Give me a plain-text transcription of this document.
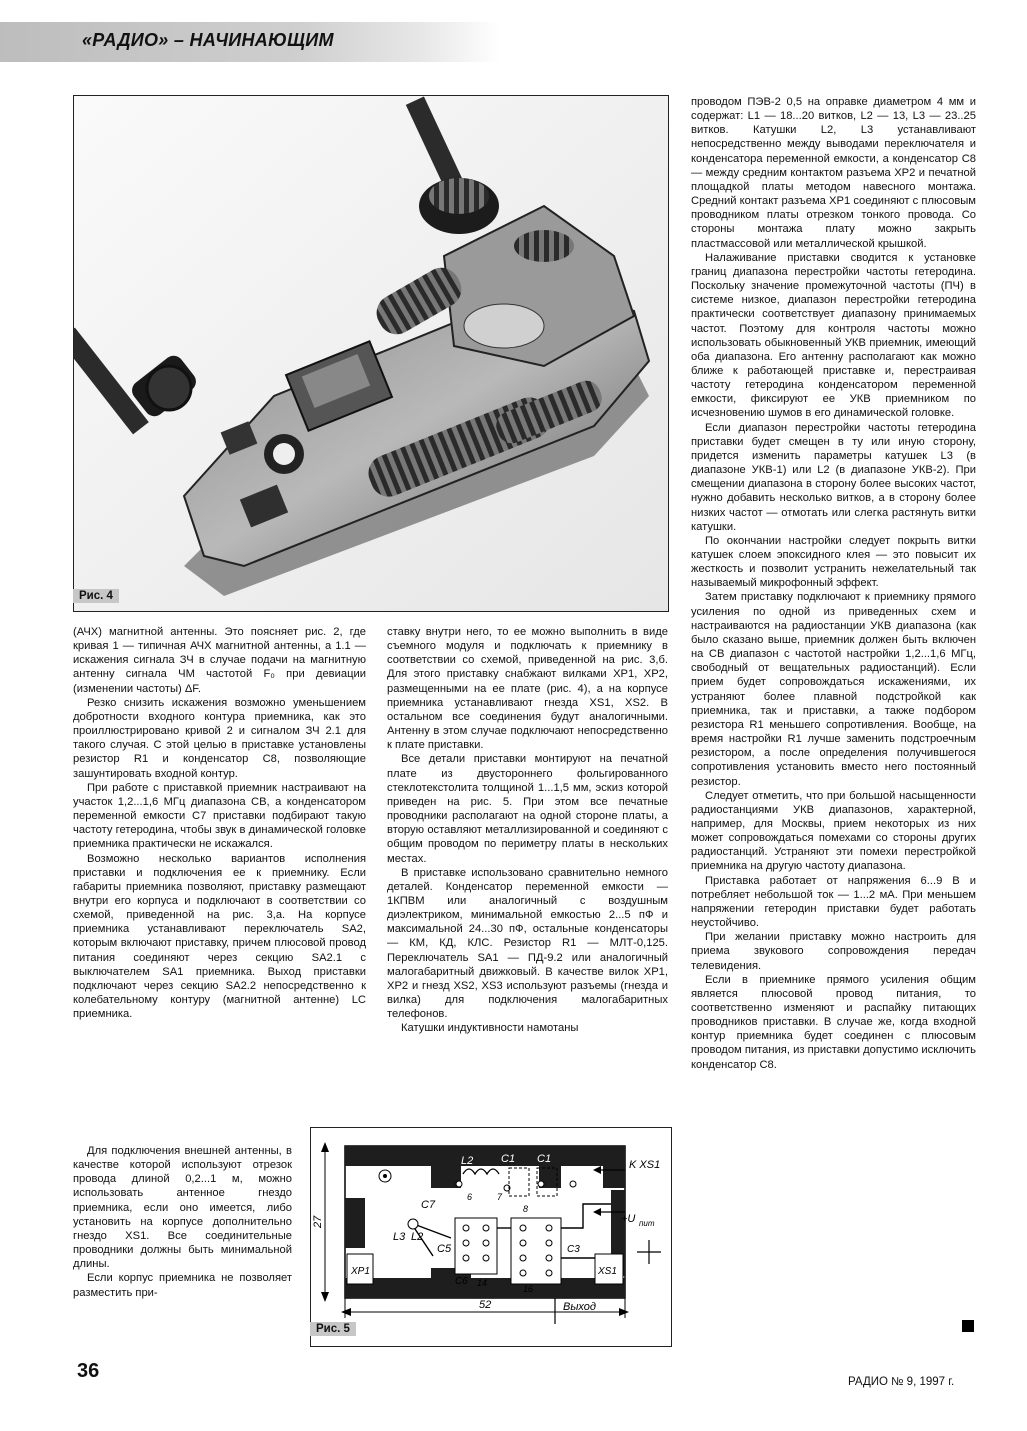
«РАДИО» – НАЧИНАЮЩИМ
Рис. 4

(АЧХ) магнитной антенны. Это поясняет рис. 2, где кривая 1 — типичная АЧХ магнитной антенны, а 1.1 — искажения сигнала ЗЧ в случае подачи на магнитную антенну сигнала ЧМ частотой F₀ при девиации (изменении частоты) ΔF.

Резко снизить искажения возможно уменьшением добротности входного контура приемника, как это проиллюстрировано кривой 2 и сигналом ЗЧ 2.1 для такого случая. С этой целью в приставке установлены резистор R1 и конденсатор С8, позволяющие зашунтировать входной контур.

При работе с приставкой приемник настраивают на участок 1,2...1,6 МГц диапазона СВ, а конденсатором переменной емкости С7 приставки подбирают такую частоту гетеродина, чтобы звук в динамической головке приемника практически не искажался.

Возможно несколько вариантов исполнения приставки и подключения ее к приемнику. Если габариты приемника позволяют, приставку размещают внутри его корпуса и подключают в соответствии со схемой, приведенной на рис. 3,а. На корпусе приемника устанавливают переключатель SA2, которым включают приставку, причем плюсовой провод питания соединяют через секцию SA2.1 с выключателем SA1 приемника. Выход приставки подключают через секцию SA2.2 непосредственно к колебательному контуру (магнитной антенне) LC приемника.

Для подключения внешней антенны, в качестве которой используют отрезок провода длиной 0,2...1 м, можно использовать антенное гнездо приемника, если оно имеется, либо установить на корпусе дополнительно гнездо XS1. Все соединительные проводники должны быть минимальной длины.

Если корпус приемника не позволяет разместить при-

ставку внутри него, то ее можно выполнить в виде съемного модуля и подключать к приемнику в соответствии со схемой, приведенной на рис. 3,б. Для этого приставку снабжают вилками XP1, XP2, размещенными на ее плате (рис. 4), а на корпусе приемника устанавливают гнезда XS1, XS2. В остальном все соединения будут аналогичными. Антенну в этом случае подключают непосредственно к плате приставки.

Все детали приставки монтируют на печатной плате из двустороннего фольгированного стеклотекстолита толщиной 1...1,5 мм, эскиз которой приведен на рис. 5. При этом все печатные проводники располагают на одной стороне платы, а вторую оставляют металлизированной и соединяют с общим проводом по периметру платы в нескольких местах.

В приставке использовано сравнительно немного деталей. Конденсатор переменной емкости — 1КПВМ или аналогичный с воздушным диэлектриком, минимальной емкостью 2...5 пФ и максимальной 24...30 пФ, остальные конденсаторы — КМ, КД, КЛС. Резистор R1 — МЛТ-0,125. Переключатель SA1 — ПД-9.2 или аналогичный малогабаритный движковый. В качестве вилок XP1, XP2 и гнезд XS2, XS3 используют разъемы (гнезда и вилка) для подключения малогабаритных телефонов.

Катушки индуктивности намотаны

проводом ПЭВ-2 0,5 на оправке диаметром 4 мм и содержат: L1 — 18...20 витков, L2 — 13, L3 — 23..25 витков. Катушки L2, L3 устанавливают непосредственно между выводами переключателя и конденсатора переменной емкости, а конденсатор С8 — между средним контактом разъема XP2 и печатной площадкой платы методом навесного монтажа. Средний контакт разъема XP1 соединяют с плюсовым проводником платы отрезком тонкого провода. Со стороны монтажа плату можно закрыть пластмассовой или металлической крышкой.

Налаживание приставки сводится к установке границ диапазона перестройки частоты гетеродина. Поскольку значение промежуточной частоты (ПЧ) в системе низкое, диапазон перестройки гетеродина практически соответствует диапазону принимаемых частот. Поэтому для контроля частоты можно использовать обыкновенный УКВ приемник, имеющий оба диапазона. Его антенну располагают как можно ближе к работающей приставке и, перестраивая частоту гетеродина конденсатором переменной емкости, фиксируют ее УКВ приемником по исчезновению шумов в его динамической головке.

Если диапазон перестройки частоты гетеродина приставки будет смещен в ту или иную сторону, придется изменить параметры катушек L3 (в диапазоне УКВ-1) или L2 (в диапазоне УКВ-2). При смещении диапазона в сторону более высоких частот, нужно добавить несколько витков, а в сторону более низких частот — отмотать или слегка растянуть витки катушки.

По окончании настройки следует покрыть витки катушек слоем эпоксидного клея — это повысит их жесткость и позволит устранить нежелательный так называемый микрофонный эффект.

Затем приставку подключают к приемнику прямого усиления по одной из приведенных схем и настраиваются на радиостанции УКВ диапазона (как было сказано выше, приемник должен быть включен на СВ диапазон с частотой настройки 1,2...1,6 МГц, свободный от вещательных радиостанций). Если прием будет сопровождаться искажениями, их устраняют более плавной подстройкой как приемника, так и приставки, а также подбором резистора R1 меньшего сопротивления. Вообще, на время настройки R1 лучше заменить подстроечным резистором, а после определения получившегося сопротивления установить вместо него постоянный резистор.

Следует отметить, что при большой насыщенности радиостанциями УКВ диапазонов, характерной, например, для Москвы, прием некоторых из них может сопровождаться помехами со стороны других радиостанций. Устраняют эти помехи перестройкой приемника на другую частоту диапазона.

Приставка работает от напряжения 6...9 В и потребляет небольшой ток — 1...2 мА. При меньшем напряжении гетеродин приставки будет работать неустойчиво.

При желании приставку можно настроить для приема звукового сопровождения передач телевидения.

Если в приемнике прямого усиления общим является плюсовой провод питания, то соответственно изменяют и распайку питающих проводников приставки. В случае же, когда входной контур приемника будет соединен с плюсовым проводом питания, из приставки допустимо исключить конденсатор С8.

L2	C1 C1	K XS1
C7
L3 L2
+U пит
C5
C6
C3
XP1	XS1
27
52	Выход
6	7
8
14
16
Рис. 5
36	РАДИО № 9, 1997 г.
